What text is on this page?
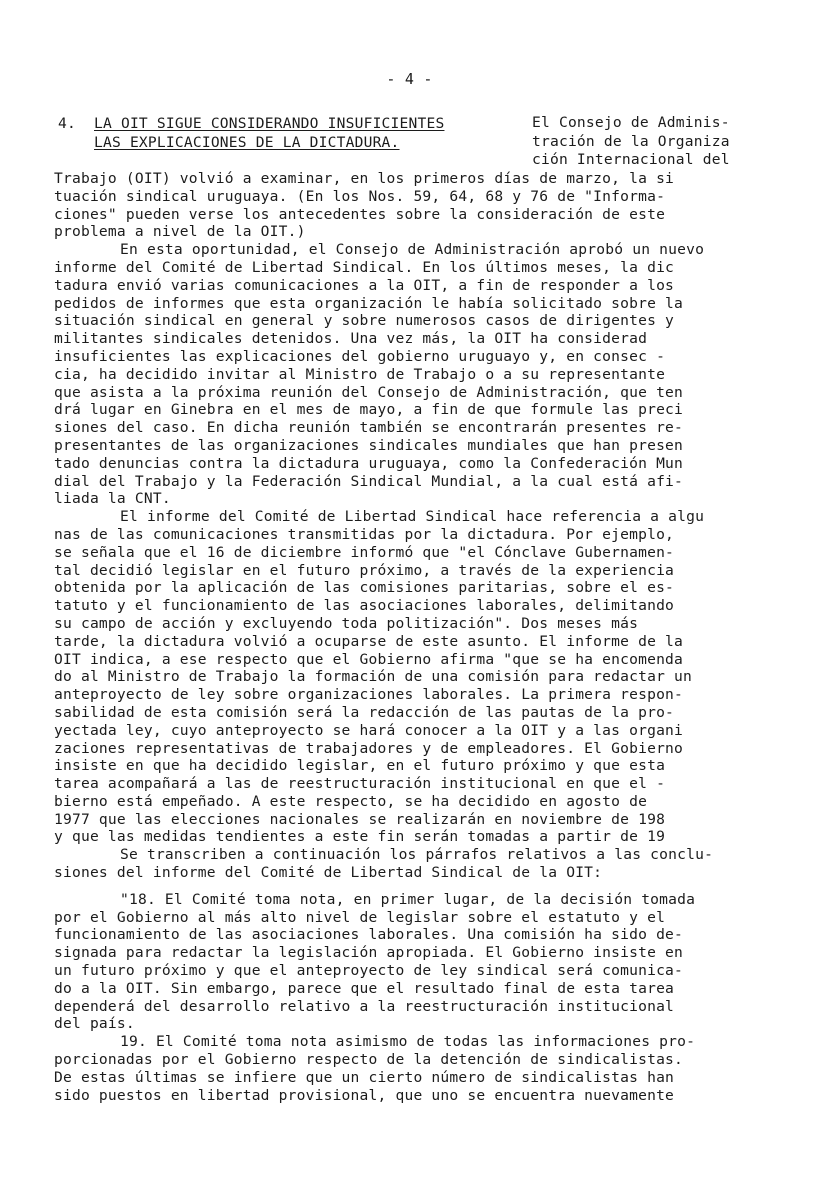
- 4 -
4. LA OIT SIGUE CONSIDERANDO INSUFICIENTES
LAS EXPLICACIONES DE LA DICTADURA.
El Consejo de Adminis-
tración de la Organiza
ción Internacional del
Trabajo (OIT) volvió a examinar, en los primeros días de marzo, la si
tuación sindical uruguaya. (En los Nos. 59, 64, 68 y 76 de "Informa-
ciones" pueden verse los antecedentes sobre la consideración de este
problema a nivel de la OIT.)
En esta oportunidad, el Consejo de Administración aprobó un nuevo
informe del Comité de Libertad Sindical. En los últimos meses, la dic
tadura envió varias comunicaciones a la OIT, a fin de responder a los
pedidos de informes que esta organización le había solicitado sobre la
situación sindical en general y sobre numerosos casos de dirigentes y
militantes sindicales detenidos. Una vez más, la OIT ha considerad
insuficientes las explicaciones del gobierno uruguayo y, en consec -
cia, ha decidido invitar al Ministro de Trabajo o a su representante
que asista a la próxima reunión del Consejo de Administración, que ten
drá lugar en Ginebra en el mes de mayo, a fin de que formule las preci
siones del caso. En dicha reunión también se encontrarán presentes re-
presentantes de las organizaciones sindicales mundiales que han presen
tado denuncias contra la dictadura uruguaya, como la Confederación Mun
dial del Trabajo y la Federación Sindical Mundial, a la cual está afi-
liada la CNT.
El informe del Comité de Libertad Sindical hace referencia a algu
nas de las comunicaciones transmitidas por la dictadura. Por ejemplo,
se señala que el 16 de diciembre informó que "el Cónclave Gubernamen-
tal decidió legislar en el futuro próximo, a través de la experiencia
obtenida por la aplicación de las comisiones paritarias, sobre el es-
tatuto y el funcionamiento de las asociaciones laborales, delimitando
su campo de acción y excluyendo toda politización". Dos meses más
tarde, la dictadura volvió a ocuparse de este asunto. El informe de la
OIT indica, a ese respecto que el Gobierno afirma "que se ha encomenda
do al Ministro de Trabajo la formación de una comisión para redactar un
anteproyecto de ley sobre organizaciones laborales. La primera respon-
sabilidad de esta comisión será la redacción de las pautas de la pro-
yectada ley, cuyo anteproyecto se hará conocer a la OIT y a las organi
zaciones representativas de trabajadores y de empleadores. El Gobierno
insiste en que ha decidido legislar, en el futuro próximo y que esta
tarea acompañará a las de reestructuración institucional en que el -
bierno está empeñado. A este respecto, se ha decidido en agosto de
1977 que las elecciones nacionales se realizarán en noviembre de 198
y que las medidas tendientes a este fin serán tomadas a partir de 19
Se transcriben a continuación los párrafos relativos a las conclu-
siones del informe del Comité de Libertad Sindical de la OIT:
"18. El Comité toma nota, en primer lugar, de la decisión tomada
por el Gobierno al más alto nivel de legislar sobre el estatuto y el
funcionamiento de las asociaciones laborales. Una comisión ha sido de-
signada para redactar la legislación apropiada. El Gobierno insiste en
un futuro próximo y que el anteproyecto de ley sindical será comunica-
do a la OIT. Sin embargo, parece que el resultado final de esta tarea
dependerá del desarrollo relativo a la reestructuración institucional
del país.
19. El Comité toma nota asimismo de todas las informaciones pro-
porcionadas por el Gobierno respecto de la detención de sindicalistas.
De estas últimas se infiere que un cierto número de sindicalistas han
sido puestos en libertad provisional, que uno se encuentra nuevamente
